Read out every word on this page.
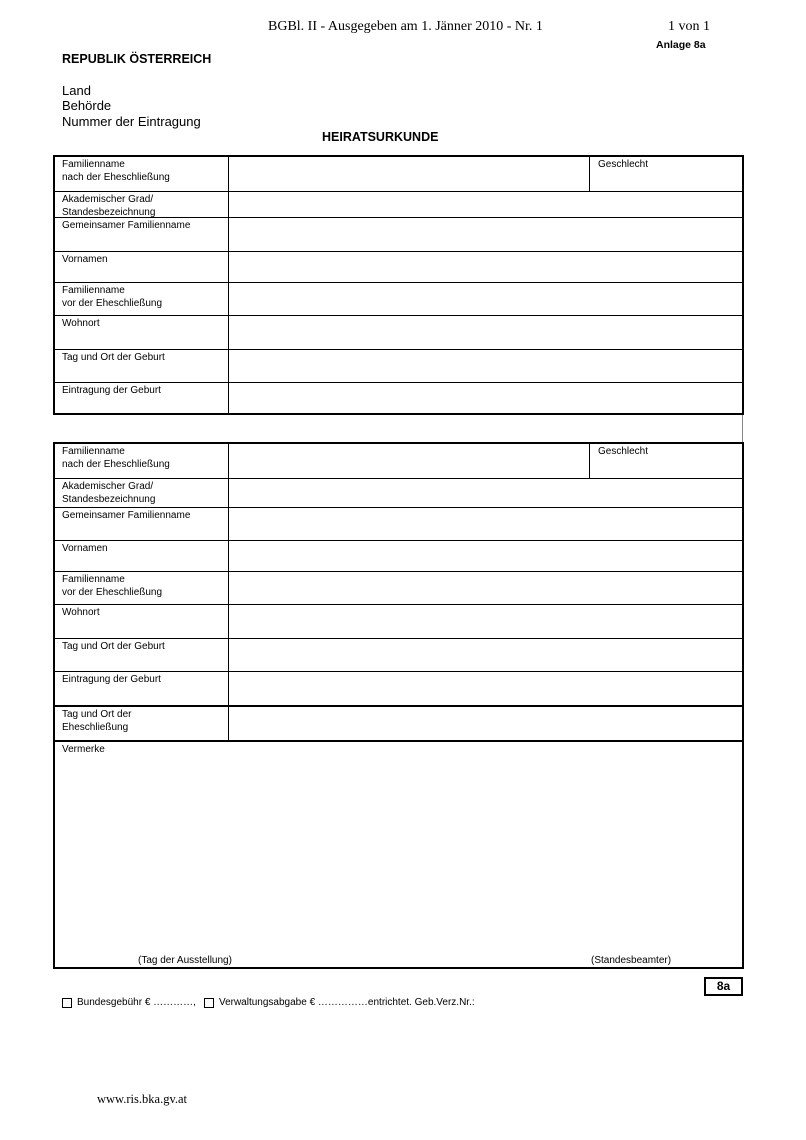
BGBl. II - Ausgegeben am 1. Jänner 2010 - Nr. 1	1 von 1
Anlage 8a
REPUBLIK ÖSTERREICH
Land
Behörde
Nummer der Eintragung
HEIRATSURKUNDE
Familienname
nach der Eheschließung
Geschlecht
Akademischer Grad/
Standesbezeichnung
Gemeinsamer Familienname
Vornamen
Familienname
vor der Eheschließung
Wohnort
Tag und Ort der Geburt
Eintragung der Geburt
Familienname
nach der Eheschließung
Geschlecht
Akademischer Grad/
Standesbezeichnung
Gemeinsamer Familienname
Vornamen
Familienname
vor der Eheschließung
Wohnort
Tag und Ort der Geburt
Eintragung der Geburt
Tag und Ort der
Eheschließung
Vermerke
(Tag der Ausstellung)	(Standesbeamter)
8a
Bundesgebühr € …………, Verwaltungsabgabe € ……………entrichtet. Geb.Verz.Nr.:
www.ris.bka.gv.at
